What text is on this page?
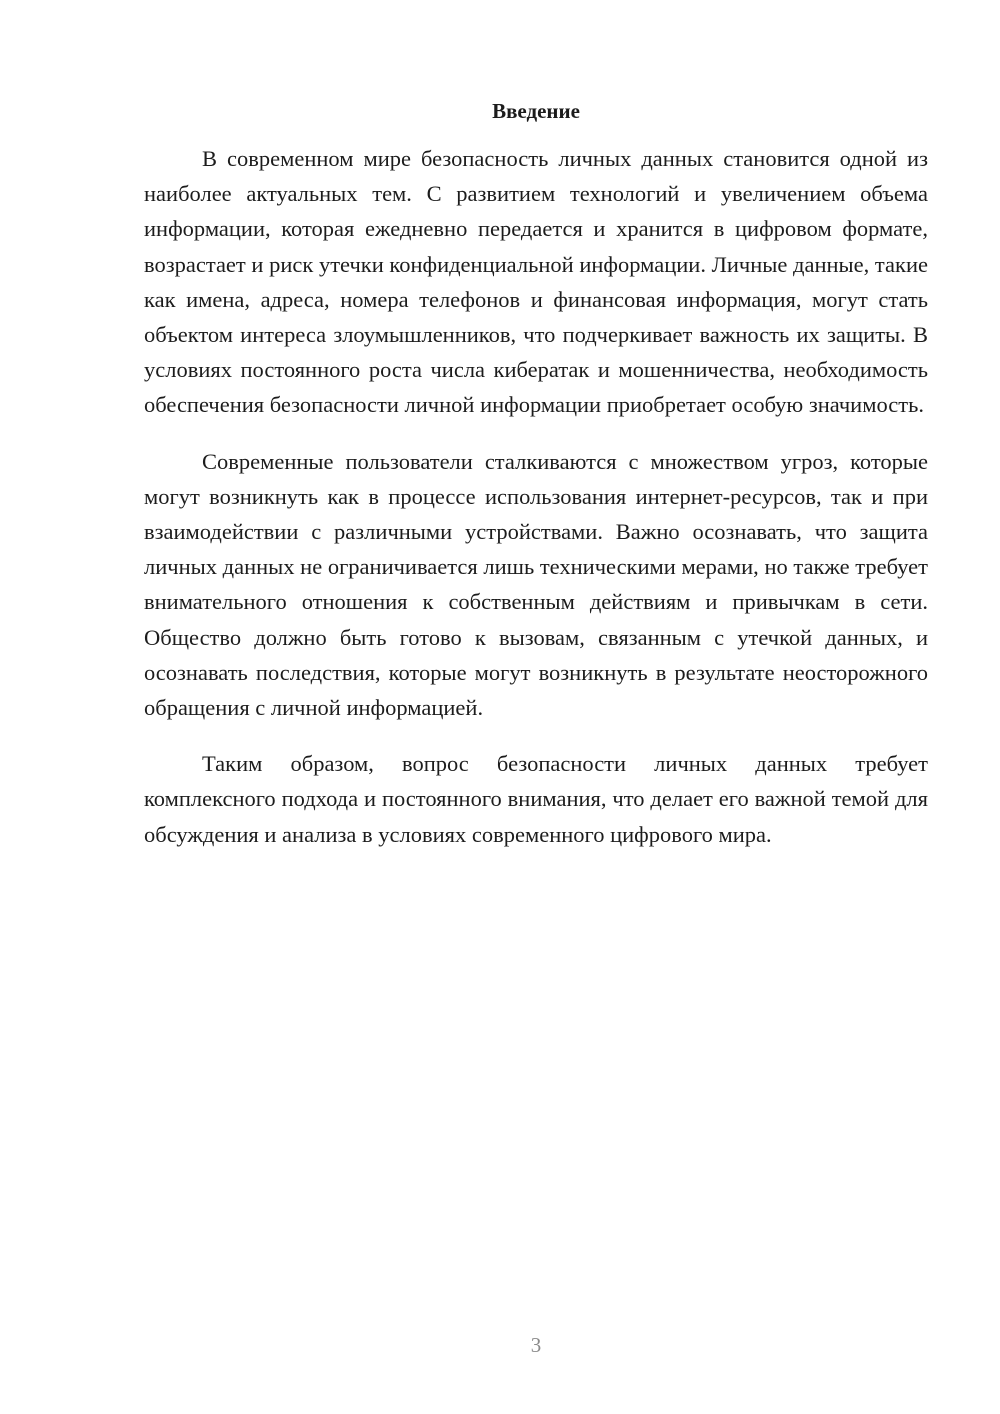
Введение

В современном мире безопасность личных данных становится одной из наиболее актуальных тем. С развитием технологий и увеличением объема информации, которая ежедневно передается и хранится в цифровом формате, возрастает и риск утечки конфиденциальной информации. Личные данные, такие как имена, адреса, номера телефонов и финансовая информация, могут стать объектом интереса злоумышленников, что подчеркивает важность их защиты. В условиях постоянного роста числа кибератак и мошенничества, необходимость обеспечения безопасности личной информации приобретает особую значимость.

Современные пользователи сталкиваются с множеством угроз, которые могут возникнуть как в процессе использования интернет-ресурсов, так и при взаимодействии с различными устройствами. Важно осознавать, что защита личных данных не ограничивается лишь техническими мерами, но также требует внимательного отношения к собственным действиям и привычкам в сети. Общество должно быть готово к вызовам, связанным с утечкой данных, и осознавать последствия, которые могут возникнуть в результате неосторожного обращения с личной информацией.

Таким образом, вопрос безопасности личных данных требует комплексного подхода и постоянного внимания, что делает его важной темой для обсуждения и анализа в условиях современного цифрового мира.

3
